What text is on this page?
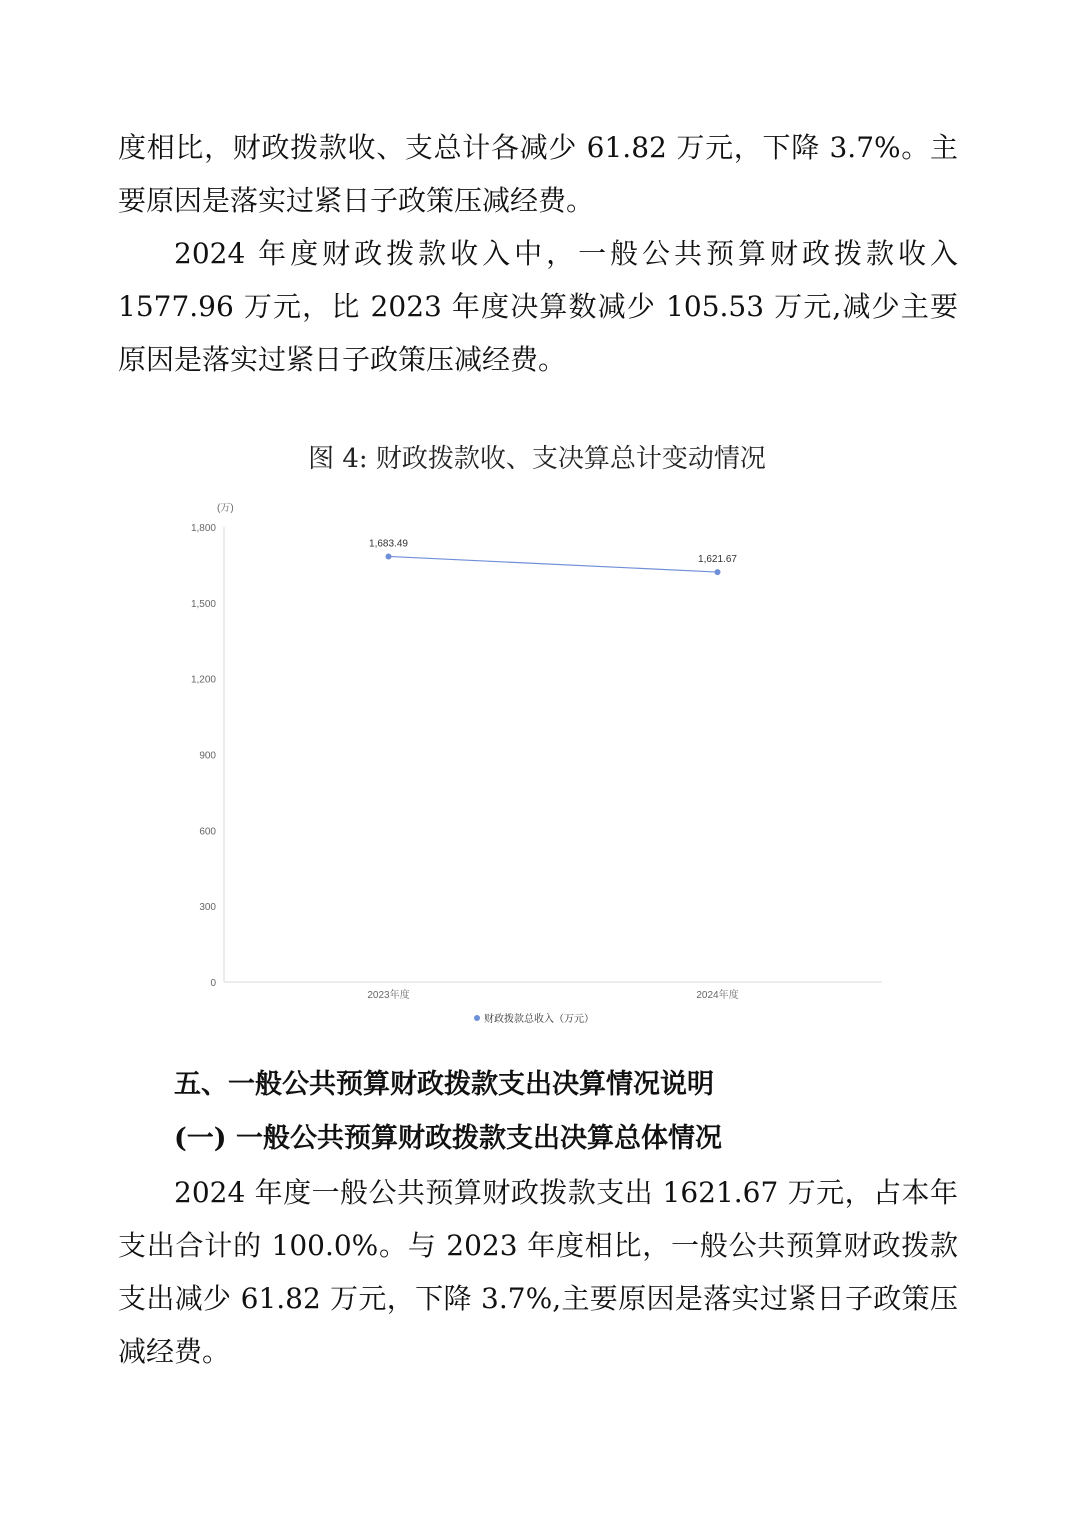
度相比，财政拨款收、支总计各减少 61.82 万元，下降 3.7%。主要原因是落实过紧日子政策压减经费。

2024 年度财政拨款收入中，一般公共预算财政拨款收入 1577.96 万元，比 2023 年度决算数减少 105.53 万元,减少主要原因是落实过紧日子政策压减经费。

图 4: 财政拨款收、支决算总计变动情况
(万)
0
300
600
900
1,200
1,500
1,800
2023年度	2024年度
1,683.49
1,621.67
财政拨款总收入（万元）
五、一般公共预算财政拨款支出决算情况说明
(一) 一般公共预算财政拨款支出决算总体情况

2024 年度一般公共预算财政拨款支出 1621.67 万元，占本年支出合计的 100.0%。与 2023 年度相比，一般公共预算财政拨款支出减少 61.82 万元，下降 3.7%,主要原因是落实过紧日子政策压减经费。
